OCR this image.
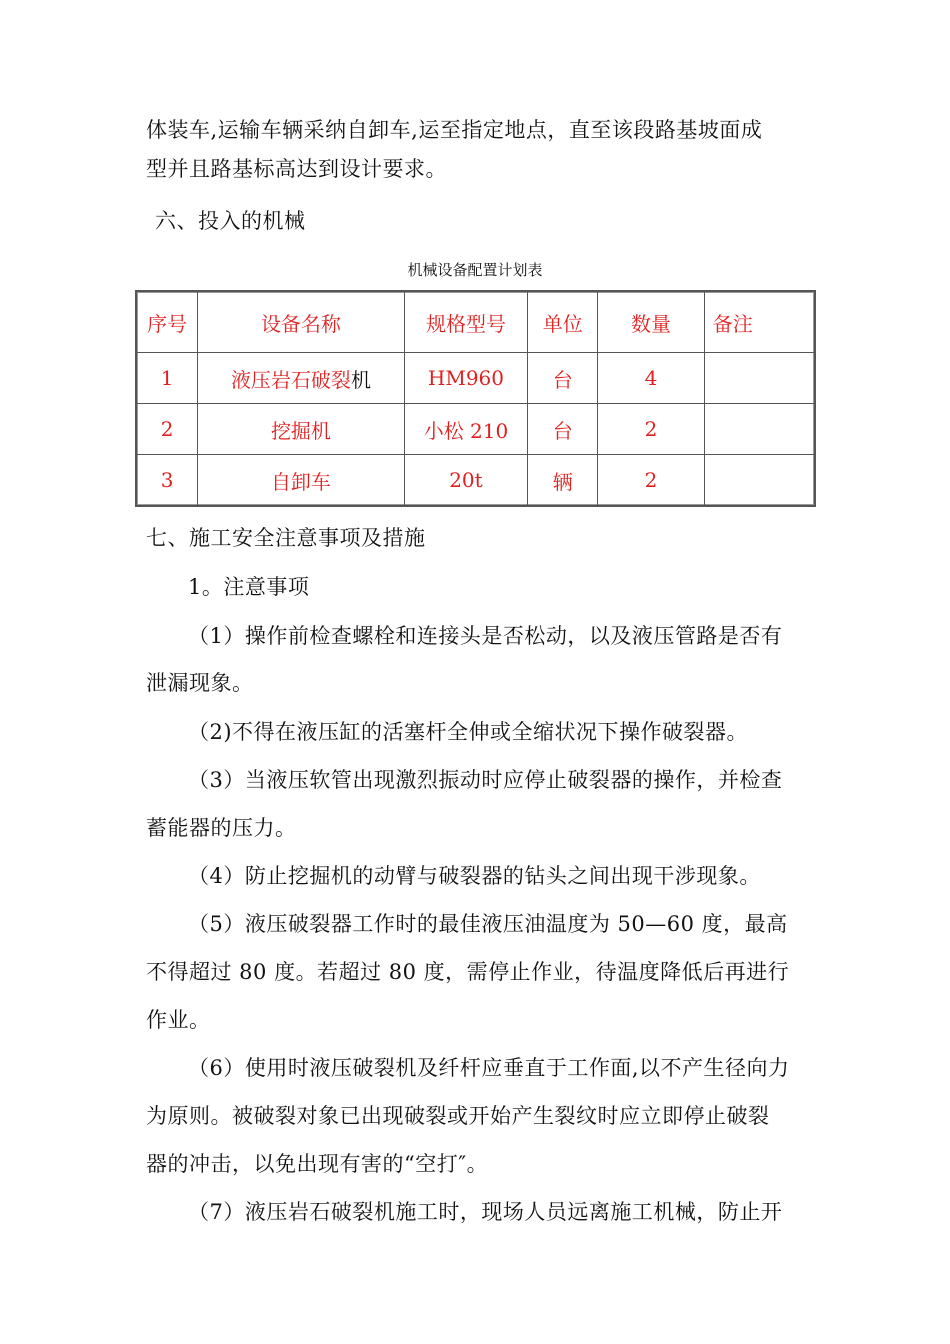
体装车,运输车辆采纳自卸车,运至指定地点，直至该段路基坡面成
型并且路基标高达到设计要求。
六、投入的机械
机械设备配置计划表
序号	设备名称	规格型号	单位	数量	备注
1	液压岩石破裂机	HM960	台	4	
2	挖掘机	小松 210	台	2	
3	自卸车	20t	辆	2	
七、施工安全注意事项及措施
1。注意事项
（1）操作前检查螺栓和连接头是否松动，以及液压管路是否有
泄漏现象。
（2)不得在液压缸的活塞杆全伸或全缩状况下操作破裂器。
（3）当液压软管出现激烈振动时应停止破裂器的操作，并检查
蓄能器的压力。
（4）防止挖掘机的动臂与破裂器的钻头之间出现干涉现象。
（5）液压破裂器工作时的最佳液压油温度为 50—60 度，最高
不得超过 80 度。若超过 80 度，需停止作业，待温度降低后再进行
作业。
（6）使用时液压破裂机及纤杆应垂直于工作面,以不产生径向力
为原则。被破裂对象已出现破裂或开始产生裂纹时应立即停止破裂
器的冲击，以免出现有害的“空打″。
（7）液压岩石破裂机施工时，现场人员远离施工机械，防止开
